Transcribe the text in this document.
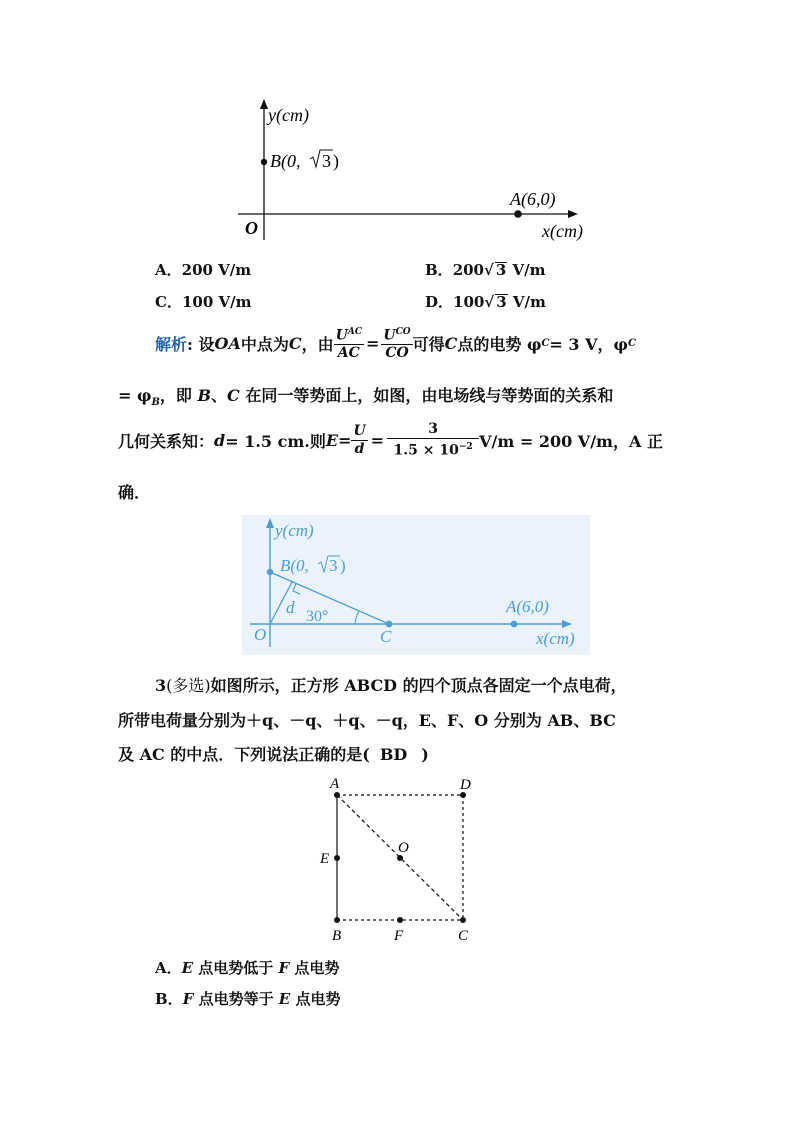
y(cm)
x(cm)
O
B(0, 3 )
A(6,0)
A．200 V/m	B．200√ 3 V/m
C．100 V/m	D．100√ 3 V/m
解析 : 设 OA 中点为 C ，由 $\frac{U^{AC}}{AC} = \frac{U^{CO}}{CO}$ 可得 C 点的电势 φ C = 3 V，φ C
= $\varphi_B$，即 B、C 在同一等势面上，如图，由电场线与等势面的关系和
几何关系知： d = 1.5 cm.则 $E = \frac{U}{d} = \frac{3}{1.5 \times 10^{-2}} V/m = 200$ V/m，A 正
确．
y(cm)
x(cm)
O
B(0, 3 )
d 30°
C
A(6,0)
3(多选)如图所示，正方形 ABCD 的四个顶点各固定一个点电荷，
所带电荷量分别为＋q、－q、＋q、－q，E、F、O 分别为 AB、BC
及 AC 的中点．下列说法正确的是( BD )
A	D
B	C
E
F
O
A．E 点电势低于 F 点电势
B．F 点电势等于 E 点电势
